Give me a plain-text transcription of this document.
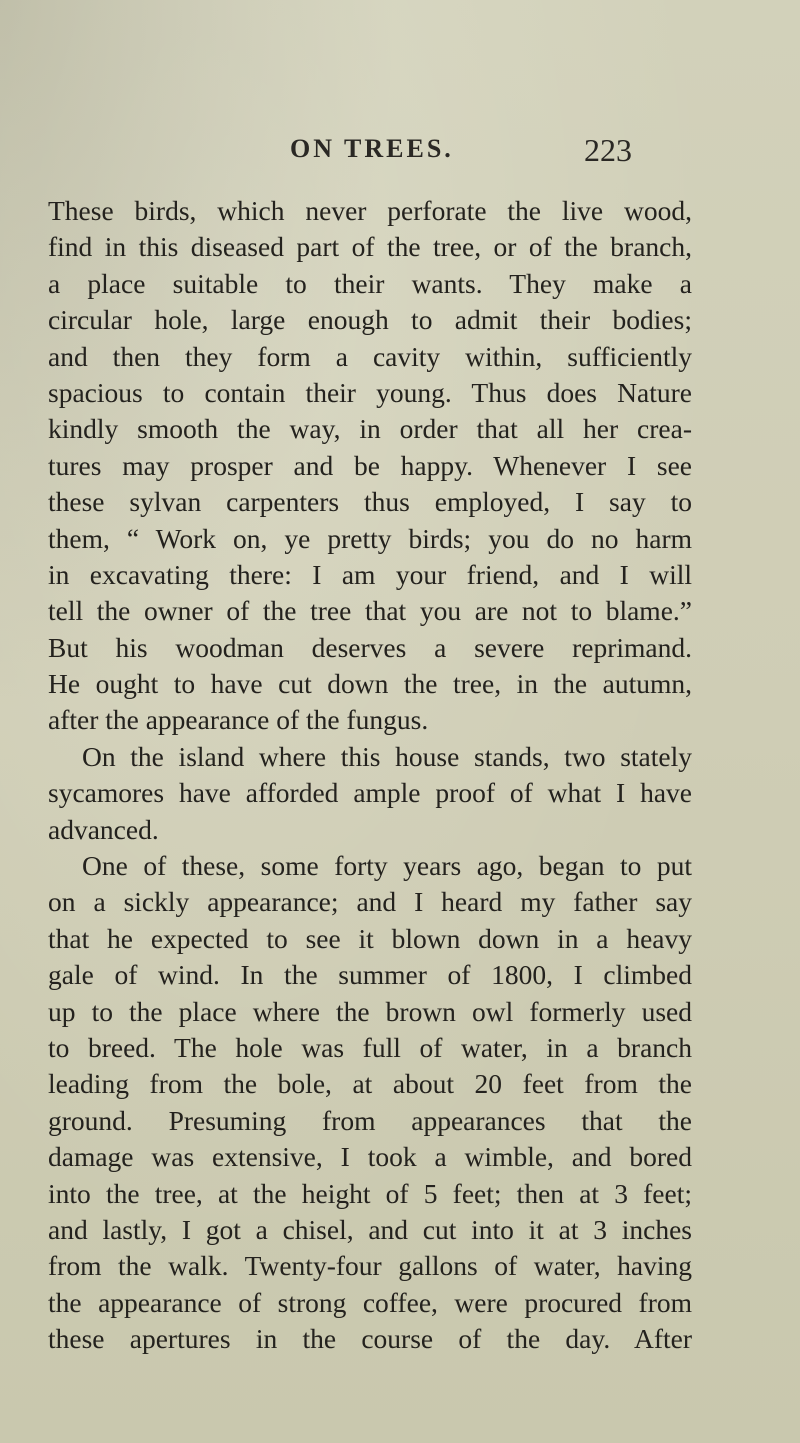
ON TREES.	223
These birds, which never perforate the live wood,
find in this diseased part of the tree, or of the branch,
a place suitable to their wants. They make a
circular hole, large enough to admit their bodies;
and then they form a cavity within, sufficiently
spacious to contain their young. Thus does Nature
kindly smooth the way, in order that all her crea-
tures may prosper and be happy. Whenever I see
these sylvan carpenters thus employed, I say to
them, “ Work on, ye pretty birds; you do no harm
in excavating there: I am your friend, and I will
tell the owner of the tree that you are not to blame.”
But his woodman deserves a severe reprimand.
He ought to have cut down the tree, in the autumn,
after the appearance of the fungus.
On the island where this house stands, two stately
sycamores have afforded ample proof of what I have
advanced.
One of these, some forty years ago, began to put
on a sickly appearance; and I heard my father say
that he expected to see it blown down in a heavy
gale of wind. In the summer of 1800, I climbed
up to the place where the brown owl formerly used
to breed. The hole was full of water, in a branch
leading from the bole, at about 20 feet from the
ground. Presuming from appearances that the
damage was extensive, I took a wimble, and bored
into the tree, at the height of 5 feet; then at 3 feet;
and lastly, I got a chisel, and cut into it at 3 inches
from the walk. Twenty-four gallons of water, having
the appearance of strong coffee, were procured from
these apertures in the course of the day. After
